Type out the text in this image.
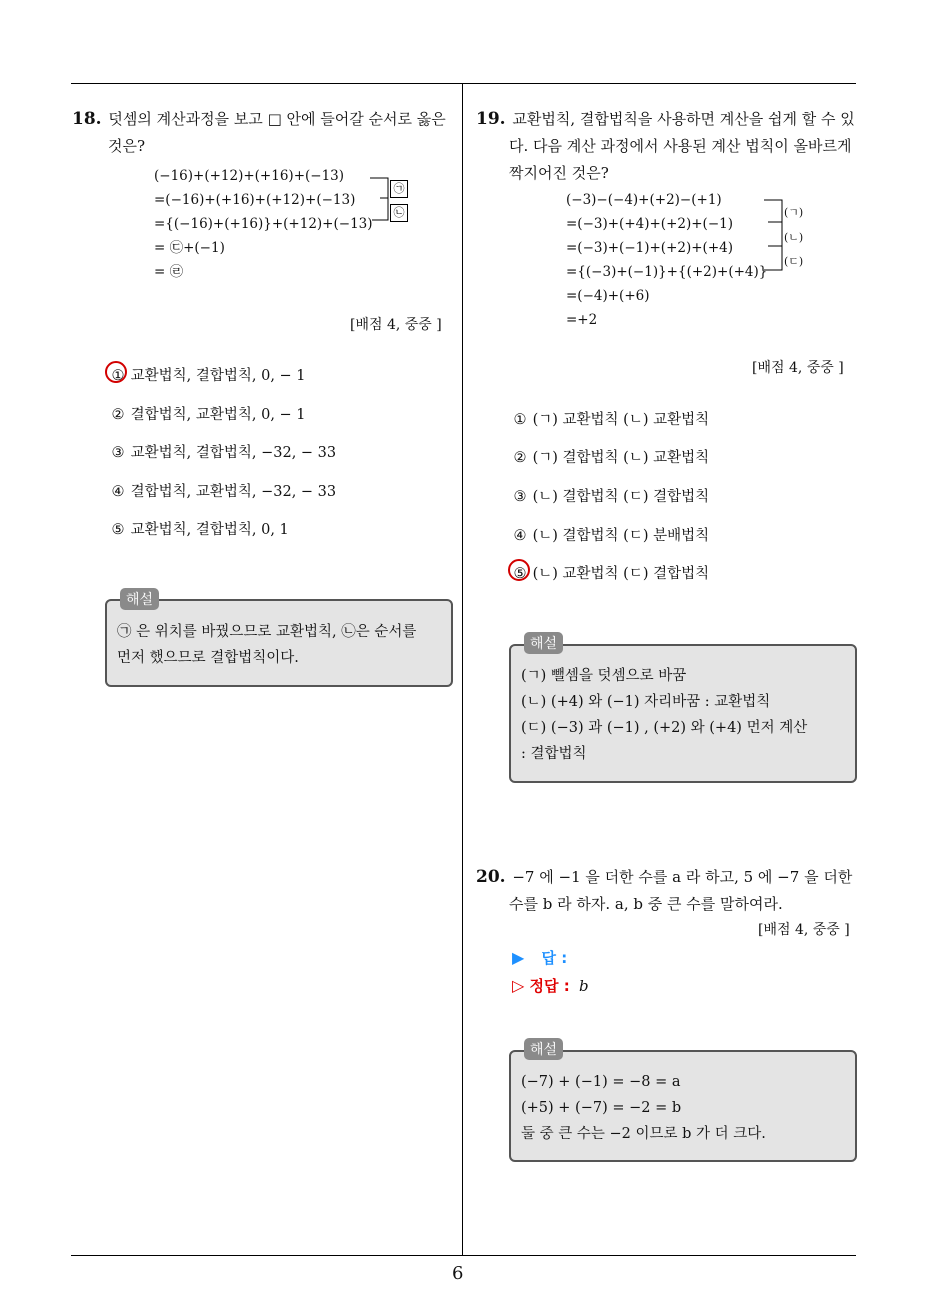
6
18. 덧셈의 계산과정을 보고 □ 안에 들어갈 순서로 옳은
것은?
(−16)+(+12)+(+16)+(−13)
=(−16)+(+16)+(+12)+(−13)
={(−16)+(+16)}+(+12)+(−13)
= ㉢+(−1)
= ㉣
㉠
㉡
[배점 4, 중중 ]
① 교환법칙, 결합법칙, 0, − 1
② 결합법칙, 교환법칙, 0, − 1
③ 교환법칙, 결합법칙, −32, − 33
④ 결합법칙, 교환법칙, −32, − 33
⑤ 교환법칙, 결합법칙, 0, 1
㉠ 은 위치를 바꿨으므로 교환법칙, ㉡은 순서를
먼저 했으므로 결합법칙이다.
해설
19. 교환법칙, 결합법칙을 사용하면 계산을 쉽게 할 수 있
다. 다음 계산 과정에서 사용된 계산 법칙이 올바르게
짝지어진 것은?
(−3)−(−4)+(+2)−(+1)
=(−3)+(+4)+(+2)+(−1)
=(−3)+(−1)+(+2)+(+4)
={(−3)+(−1)}+{(+2)+(+4)}
=(−4)+(+6)
=+2
(ㄱ)
(ㄴ)
(ㄷ)
[배점 4, 중중 ]
① (ㄱ) 교환법칙 (ㄴ) 교환법칙
② (ㄱ) 결합법칙 (ㄴ) 교환법칙
③ (ㄴ) 결합법칙 (ㄷ) 결합법칙
④ (ㄴ) 결합법칙 (ㄷ) 분배법칙
⑤ (ㄴ) 교환법칙 (ㄷ) 결합법칙
(ㄱ) 뺄셈을 덧셈으로 바꿈
(ㄴ) (+4) 와 (−1) 자리바꿈 : 교환법칙
(ㄷ) (−3) 과 (−1) , (+2) 와 (+4) 먼저 계산
: 결합법칙
해설
20. −7 에 −1 을 더한 수를 a 라 하고, 5 에 −7 을 더한
수를 b 라 하자. a, b 중 큰 수를 말하여라.
[배점 4, 중중 ]
▶ 답 :
▷ 정답 : b
(−7) + (−1) = −8 = a
(+5) + (−7) = −2 = b
둘 중 큰 수는 −2 이므로 b 가 더 크다.
해설
